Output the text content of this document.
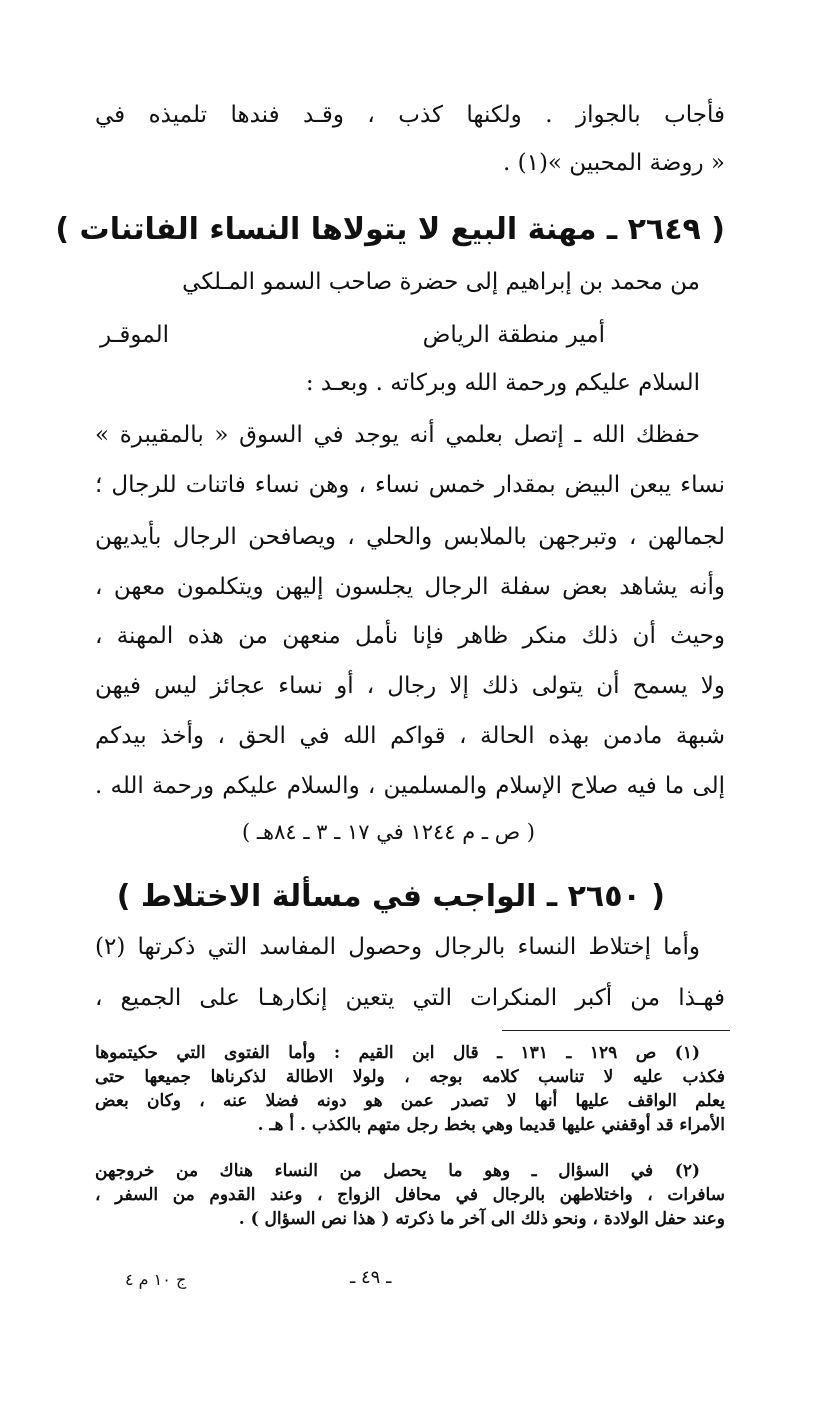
فأجاب بالجواز . ولكنها كذب ، وقـد فندها تلميذه في
« روضة المحبين »(١) .
( ٢٦٤٩ ـ مهنة البيع لا يتولاها النساء الفاتنات )
من محمد بن إبراهيم إلى حضرة صاحب السمو المـلكي
أمير منطقة الرياض
الموقـر
السلام عليكم ورحمة الله وبركاته . وبعـد :
حفظك الله ـ إتصل بعلمي أنه يوجد في السوق « بالمقيبرة »
نساء يبعن البيض بمقدار خمس نساء ، وهن نساء فاتنات للرجال ؛
لجمالهن ، وتبرجهن بالملابس والحلي ، ويصافحن الرجال بأيديهن
وأنه يشاهد بعض سفلة الرجال يجلسون إليهن ويتكلمون معهن ،
وحيث أن ذلك منكر ظاهر فإنا نأمل منعهن من هذه المهنة ،
ولا يسمح أن يتولى ذلك إلا رجال ، أو نساء عجائز ليس فيهن
شبهة مادمن بهذه الحالة ، قواكم الله في الحق ، وأخذ بيدكم
إلى ما فيه صلاح الإسلام والمسلمين ، والسلام عليكم ورحمة الله .
( ص ـ م ١٢٤٤ في ١٧ ـ ٣ ـ ٨٤هـ )
( ٢٦٥٠ ـ الواجب في مسألة الاختلاط )
وأما إختلاط النساء بالرجال وحصول المفاسد التي ذكرتها (٢)
فهـذا من أكبر المنكرات التي يتعين إنكارهـا على الجميع ،
(١) ص ١٢٩ ـ ١٣١ ـ قال ابن القيم : وأما الفتوى التي حكيتموها
فكذب عليه لا تناسب كلامه بوجه ، ولولا الاطالة لذكرناها جميعها حتى
يعلم الواقف عليها أنها لا تصدر عمن هو دونه فضلا عنه ، وكان بعض
الأمراء قد أوقفني عليها قديما وهي بخط رجل متهم بالكذب . أ هـ .
(٢) في السؤال ـ وهو ما يحصل من النساء هناك من خروجهن
سافرات ، واختلاطهن بالرجال في محافل الزواج ، وعند القدوم من السفر ،
وعند حفل الولادة ، ونحو ذلك الى آخر ما ذكرته ( هذا نص السؤال ) .
ـ ٤٩ ـ
ج ١٠ م ٤
